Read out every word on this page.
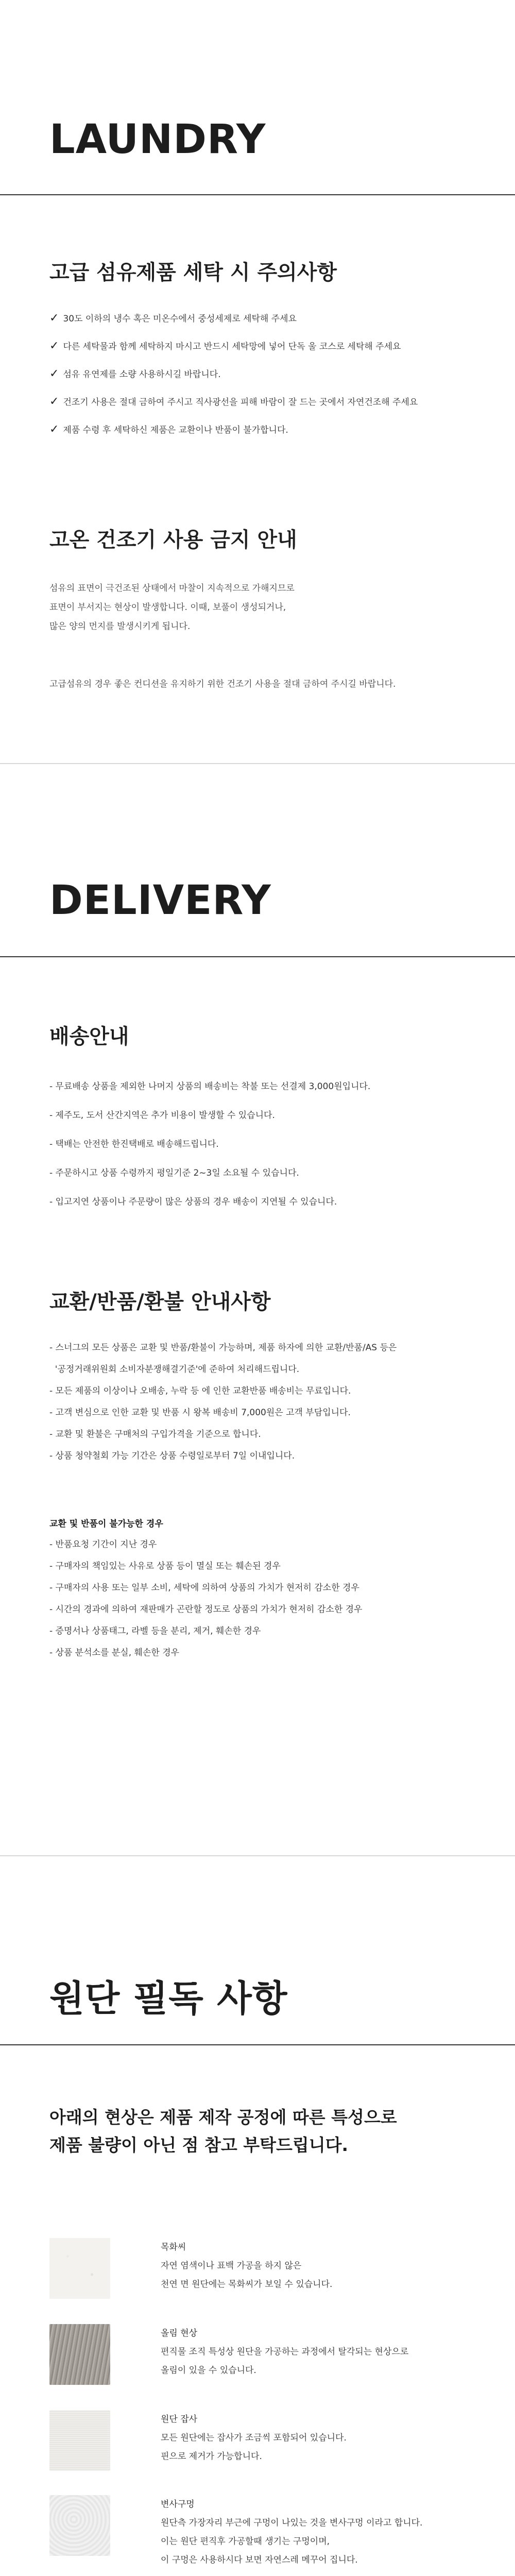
LAUNDRY
고급 섬유제품 세탁 시 주의사항
✓ 30도 이하의 냉수 혹은 미온수에서 중성세제로 세탁해 주세요
✓ 다른 세탁물과 함께 세탁하지 마시고 반드시 세탁망에 넣어 단독 울 코스로 세탁해 주세요
✓ 섬유 유연제를 소량 사용하시길 바랍니다.
✓ 건조기 사용은 절대 금하여 주시고 직사광선을 피해 바람이 잘 드는 곳에서 자연건조해 주세요
✓ 제품 수령 후 세탁하신 제품은 교환이나 반품이 불가합니다.
고온 건조기 사용 금지 안내

섬유의 표면이 극건조된 상태에서 마찰이 지속적으로 가해지므로
표면이 부서지는 현상이 발생합니다. 이때, 보풀이 생성되거나,
많은 양의 먼지를 발생시키게 됩니다.

고급섬유의 경우 좋은 컨디션을 유지하기 위한 건조기 사용을 절대 금하여 주시길 바랍니다.

DELIVERY
배송안내
- 무료배송 상품을 제외한 나머지 상품의 배송비는 착불 또는 선결제 3,000원입니다.
- 제주도, 도서 산간지역은 추가 비용이 발생할 수 있습니다.
- 택배는 안전한 한진택배로 배송해드립니다.
- 주문하시고 상품 수령까지 평일기준 2~3일 소요될 수 있습니다.
- 입고지연 상품이나 주문량이 많은 상품의 경우 배송이 지연될 수 있습니다.
교환/반품/환불 안내사항
- 스너그의 모든 상품은 교환 및 반품/환불이 가능하며, 제품 하자에 의한 교환/반품/AS 등은
'공정거래위원회 소비자분쟁해결기준'에 준하여 처리해드립니다.
- 모든 제품의 이상이나 오배송, 누락 등 에 인한 교환반품 배송비는 무료입니다.
- 고객 변심으로 인한 교환 및 반품 시 왕복 배송비 7,000원은 고객 부담입니다.
- 교환 및 환불은 구매처의 구입가격을 기준으로 합니다.
- 상품 청약철회 가능 기간은 상품 수령일로부터 7일 이내입니다.

교환 및 반품이 불가능한 경우

- 반품요청 기간이 지난 경우
- 구매자의 책임있는 사유로 상품 등이 멸실 또는 훼손된 경우
- 구매자의 사용 또는 일부 소비, 세탁에 의하여 상품의 가치가 현저히 감소한 경우
- 시간의 경과에 의하여 재판매가 곤란할 정도로 상품의 가치가 현저히 감소한 경우
- 증명서나 상품태그, 라벨 등을 분리, 제거, 훼손한 경우
- 상품 분석소를 분실, 훼손한 경우
원단 필독 사항

아래의 현상은 제품 제작 공정에 따른 특성으로
제품 불량이 아닌 점 참고 부탁드립니다.

목화씨
자연 염색이나 표백 가공을 하지 않은
천연 면 원단에는 목화씨가 보일 수 있습니다.
올림 현상
편직물 조직 특성상 원단을 가공하는 과정에서 탈각되는 현상으로
올림이 있을 수 있습니다.
원단 잡사
모든 원단에는 잡사가 조금씩 포함되어 있습니다.
핀으로 제거가 가능합니다.
변사구멍
원단측 가장자리 부근에 구멍이 나있는 것을 변사구멍 이라고 합니다.
이는 원단 편직후 가공할때 생기는 구멍이며,
이 구멍은 사용하시다 보면 자연스레 메꾸어 집니다.
